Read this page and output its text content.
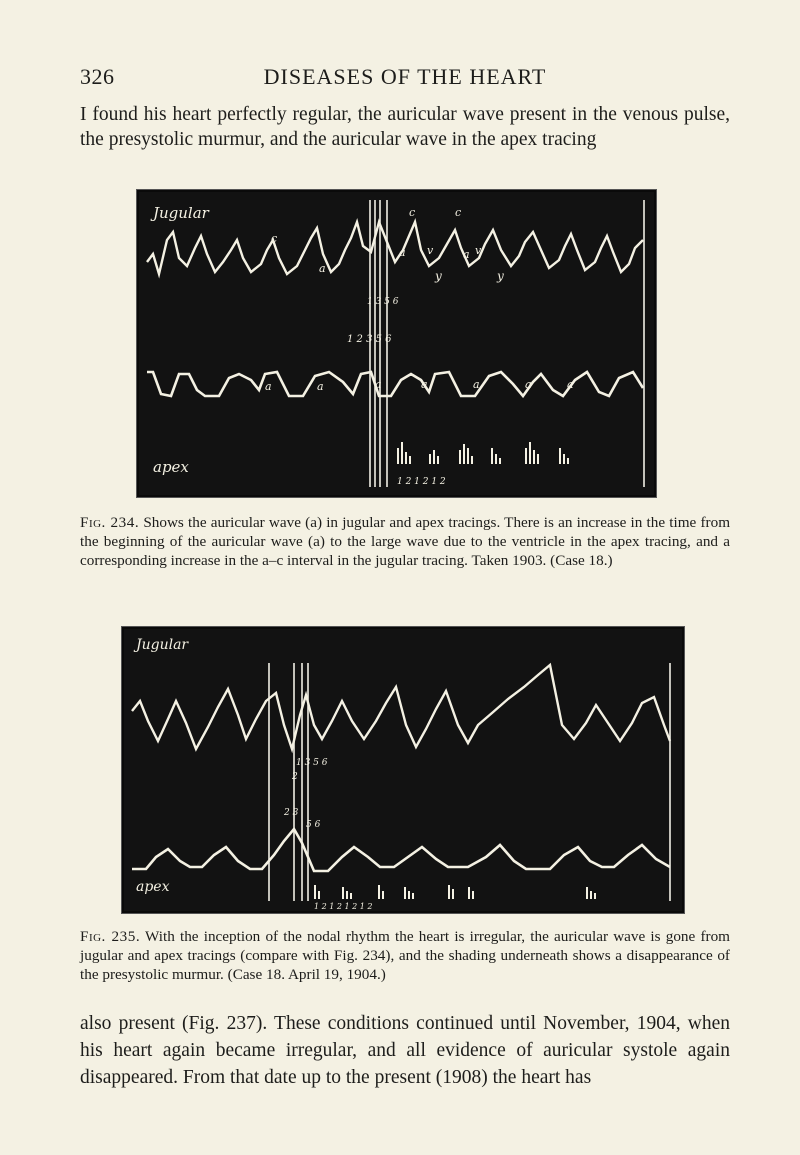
326	DISEASES OF THE HEART

I found his heart perfectly regular, the auricular wave present in the venous pulse, the presystolic murmur, and the auricular wave in the apex tracing

Jugular
c
c	c
a
a	a
v	v
y	y
1 3 5 6
1 2 3 5 6
apex
a	a	a	a	a	a	a
1 2 1 2 1 2

Fig. 234. Shows the auricular wave (a) in jugular and apex tracings. There is an increase in the time from the beginning of the auricular wave (a) to the large wave due to the ventricle in the apex tracing, and a corresponding increase in the a–c interval in the jugular tracing. Taken 1903. (Case 18.)

Jugular
1 3 5 6
2
2 3
5 6
apex
1 2 1 2 1 2 1 2

Fig. 235. With the inception of the nodal rhythm the heart is irregular, the auricular wave is gone from jugular and apex tracings (compare with Fig. 234), and the shading underneath shows a disappearance of the presystolic murmur. (Case 18. April 19, 1904.)

also present (Fig. 237). These conditions continued until November, 1904, when his heart again became irregular, and all evidence of auricular systole again disappeared. From that date up to the present (1908) the heart has
